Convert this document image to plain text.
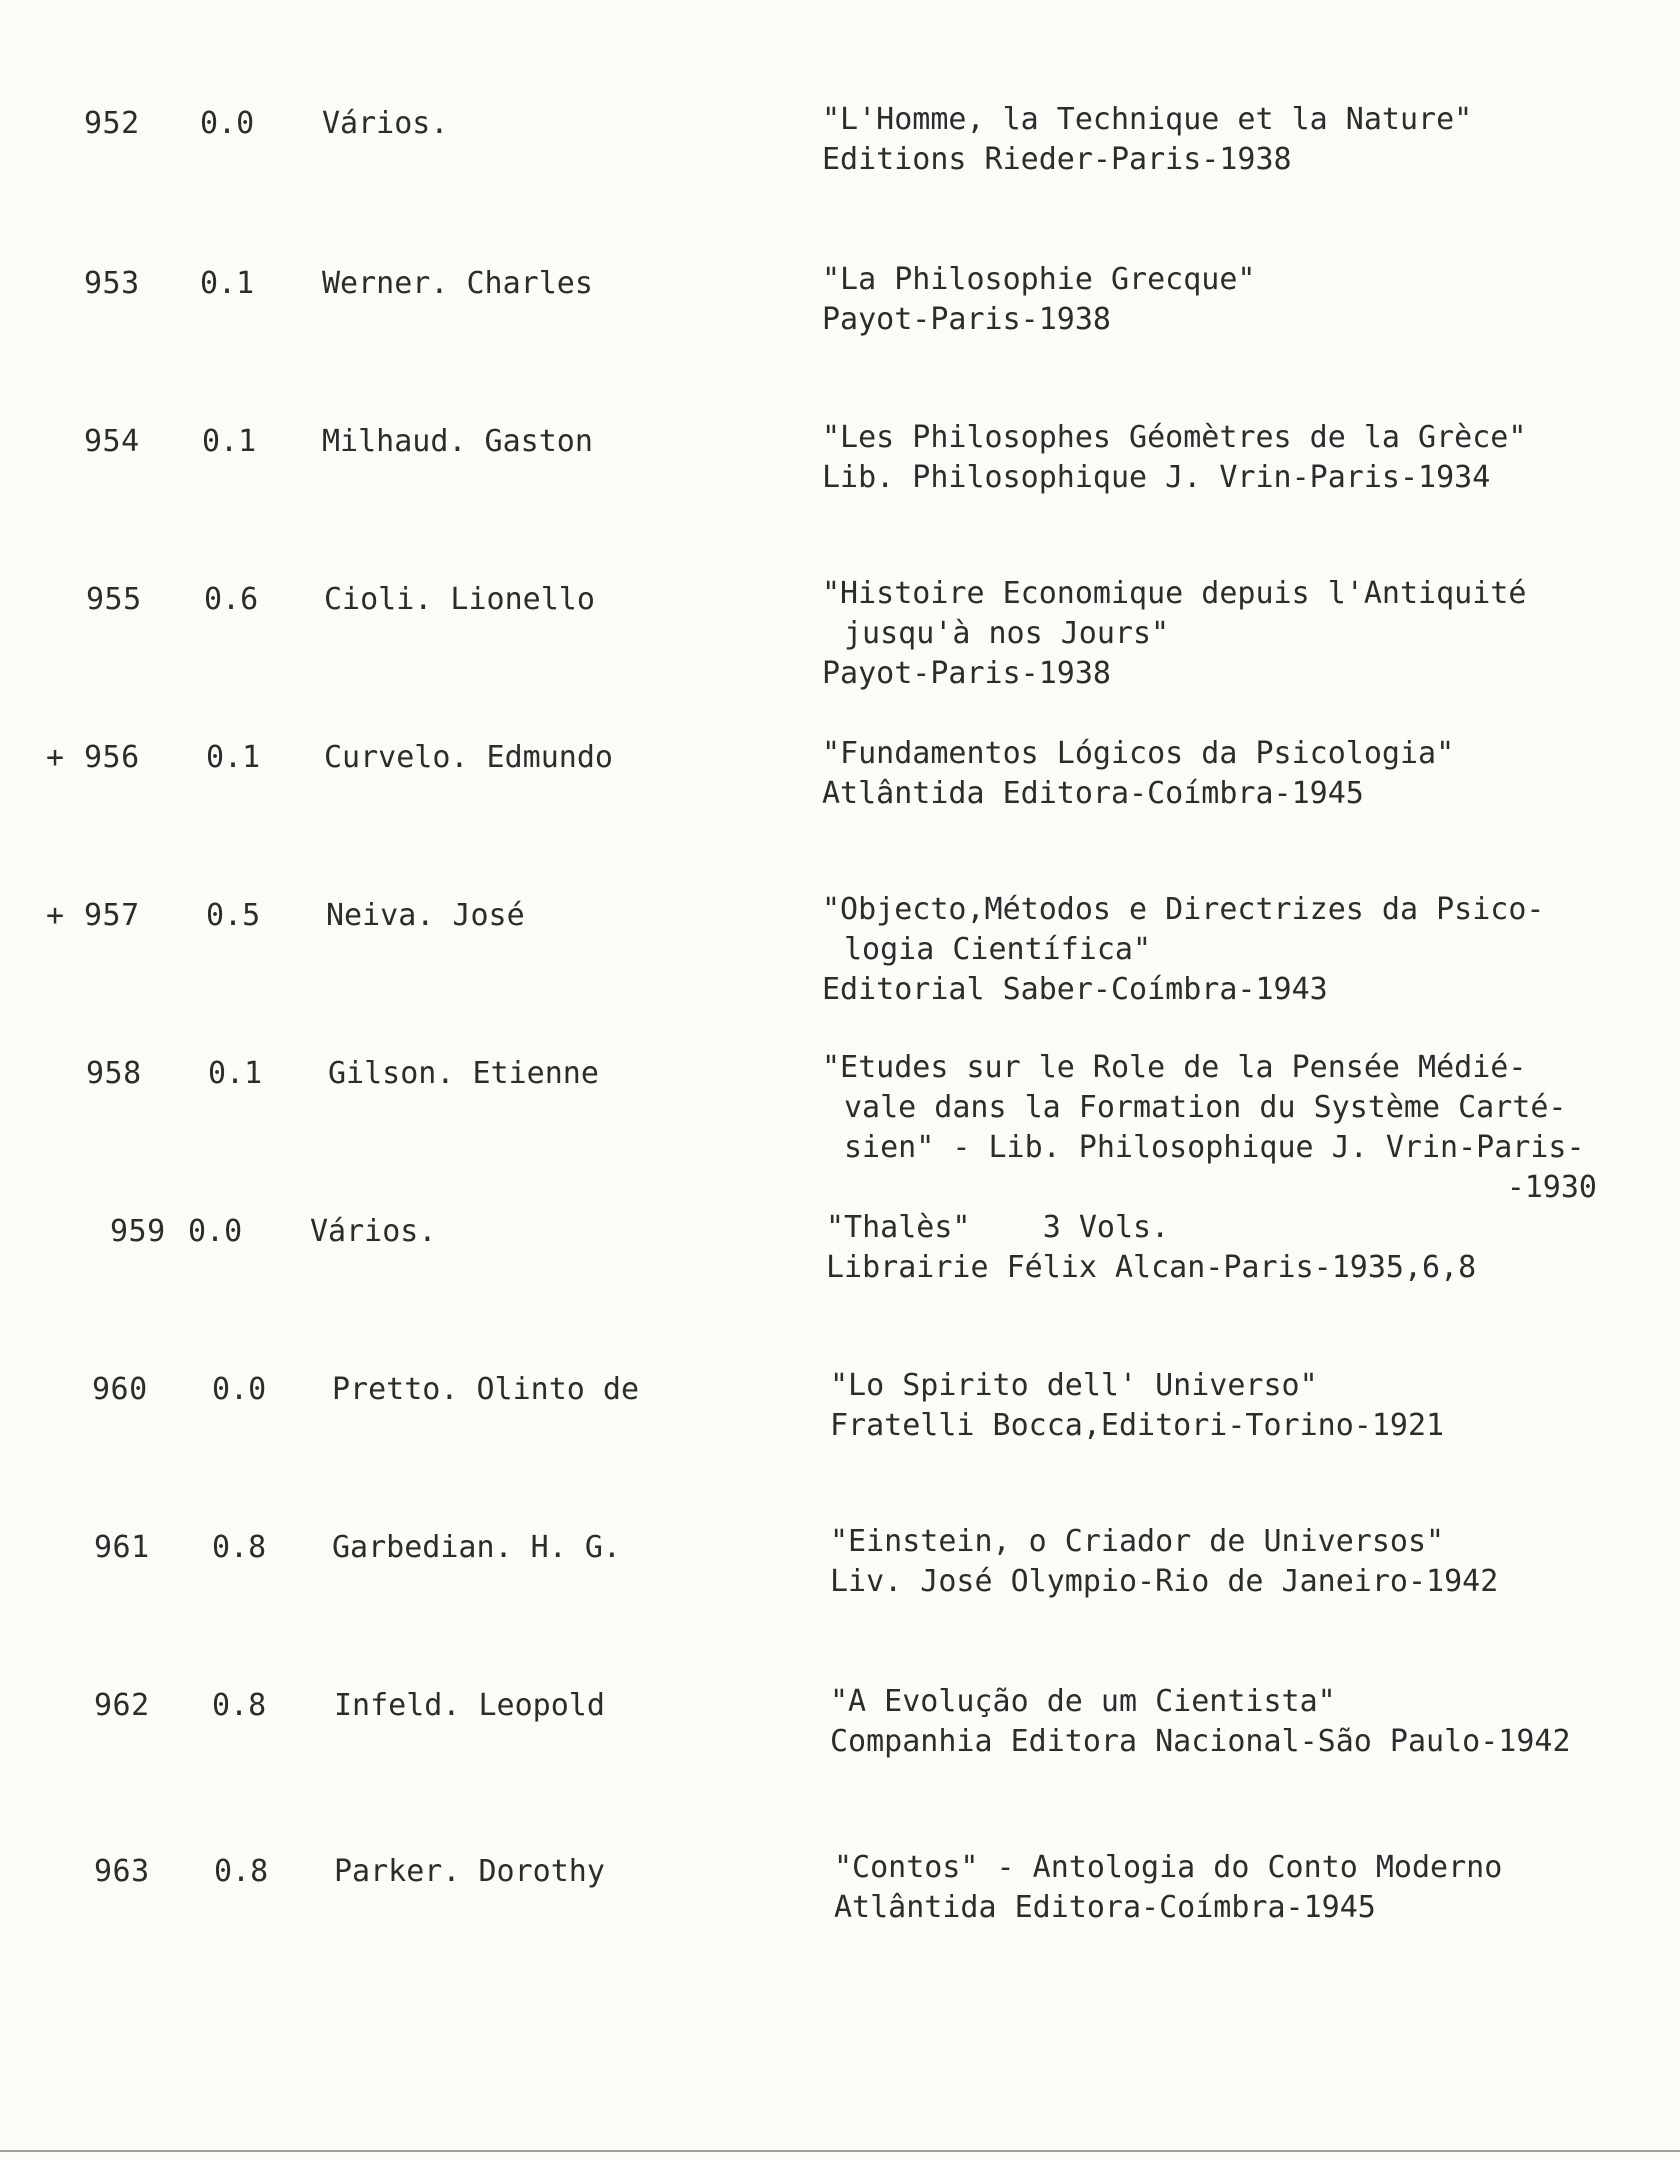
952 0.0 Vários.	"L'Homme, la Technique et la Nature"
Editions Rieder-Paris-1938
953 0.1 Werner. Charles	"La Philosophie Grecque"
Payot-Paris-1938
954 0.1 Milhaud. Gaston	"Les Philosophes Géomètres de la Grèce"
Lib. Philosophique J. Vrin-Paris-1934
955 0.6 Cioli. Lionello	"Histoire Economique depuis l'Antiquité
jusqu'à nos Jours"
Payot-Paris-1938
+ 956 0.1 Curvelo. Edmundo	"Fundamentos Lógicos da Psicologia"
Atlântida Editora-Coímbra-1945
+ 957 0.5 Neiva. José	"Objecto,Métodos e Directrizes da Psico-
logia Científica"
Editorial Saber-Coímbra-1943
958 0.1 Gilson. Etienne	"Etudes sur le Role de la Pensée Médié-
vale dans la Formation du Système Carté-
sien" - Lib. Philosophique J. Vrin-Paris-
-1930
959 0.0 Vários.	"Thalès"    3 Vols.
Librairie Félix Alcan-Paris-1935,6,8
960 0.0 Pretto. Olinto de	"Lo Spirito dell' Universo"
Fratelli Bocca,Editori-Torino-1921
961 0.8 Garbedian. H. G.	"Einstein, o Criador de Universos"
Liv. José Olympio-Rio de Janeiro-1942
962 0.8 Infeld. Leopold	"A Evolução de um Cientista"
Companhia Editora Nacional-São Paulo-1942
963 0.8 Parker. Dorothy	"Contos" - Antologia do Conto Moderno
Atlântida Editora-Coímbra-1945
